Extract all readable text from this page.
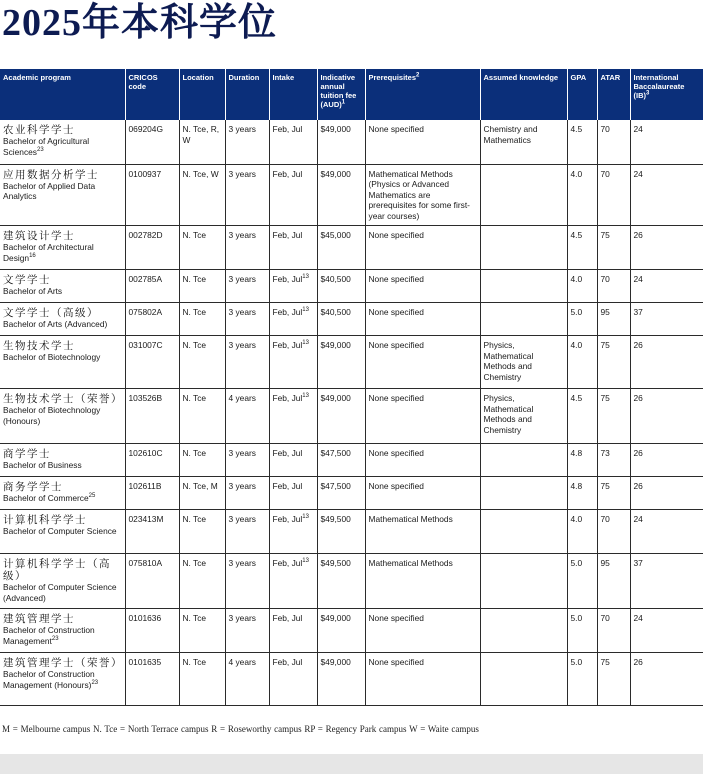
2025年本科学位
Academic program	CRICOS code	Location	Duration	Intake	Indicative annual tuition fee (AUD)$^1$	Prerequisites$^2$	Assumed knowledge	GPA	ATAR	International Baccalaureate (IB)$^3$

农业科学学士
Bachelor of Agricultural Sciences$^{23}$	069204G	N. Tce, R, W	3 years	Feb, Jul	$49,000	None specified	Chemistry and Mathematics	4.5	70	24

应用数据分析学士
Bachelor of Applied Data Analytics	0100937	N. Tce, W	3 years	Feb, Jul	$49,000	Mathematical Methods (Physics or Advanced Mathematics are prerequisites for some first-year courses)		4.0	70	24

建筑设计学士
Bachelor of Architectural Design$^{16}$	002782D	N. Tce	3 years	Feb, Jul	$45,000	None specified		4.5	75	26

文学学士
Bachelor of Arts	002785A	N. Tce	3 years	Feb, Jul$^{13}$	$40,500	None specified		4.0	70	24

文学学士（高级）
Bachelor of Arts (Advanced)	075802A	N. Tce	3 years	Feb, Jul$^{13}$	$40,500	None specified		5.0	95	37

生物技术学士
Bachelor of Biotechnology	031007C	N. Tce	3 years	Feb, Jul$^{13}$	$49,000	None specified	Physics, Mathematical Methods and Chemistry	4.0	75	26

生物技术学士（荣誉）
Bachelor of Biotechnology (Honours)	103526B	N. Tce	4 years	Feb, Jul$^{13}$	$49,000	None specified	Physics, Mathematical Methods and Chemistry	4.5	75	26

商学学士
Bachelor of Business	102610C	N. Tce	3 years	Feb, Jul	$47,500	None specified		4.8	73	26

商务学学士
Bachelor of Commerce$^{25}$	102611B	N. Tce, M	3 years	Feb, Jul	$47,500	None specified		4.8	75	26

计算机科学学士
Bachelor of Computer Science	023413M	N. Tce	3 years	Feb, Jul$^{13}$	$49,500	Mathematical Methods		4.0	70	24

计算机科学学士（高级）
Bachelor of Computer Science (Advanced)	075810A	N. Tce	3 years	Feb, Jul$^{13}$	$49,500	Mathematical Methods		5.0	95	37

建筑管理学士
Bachelor of Construction Management$^{23}$	0101636	N. Tce	3 years	Feb, Jul	$49,000	None specified		5.0	70	24

建筑管理学士（荣誉）
Bachelor of Construction Management (Honours)$^{23}$	0101635	N. Tce	4 years	Feb, Jul	$49,000	None specified		5.0	75	26

M = Melbourne campus N. Tce = North Terrace campus R = Roseworthy campus RP = Regency Park campus W = Waite campus
